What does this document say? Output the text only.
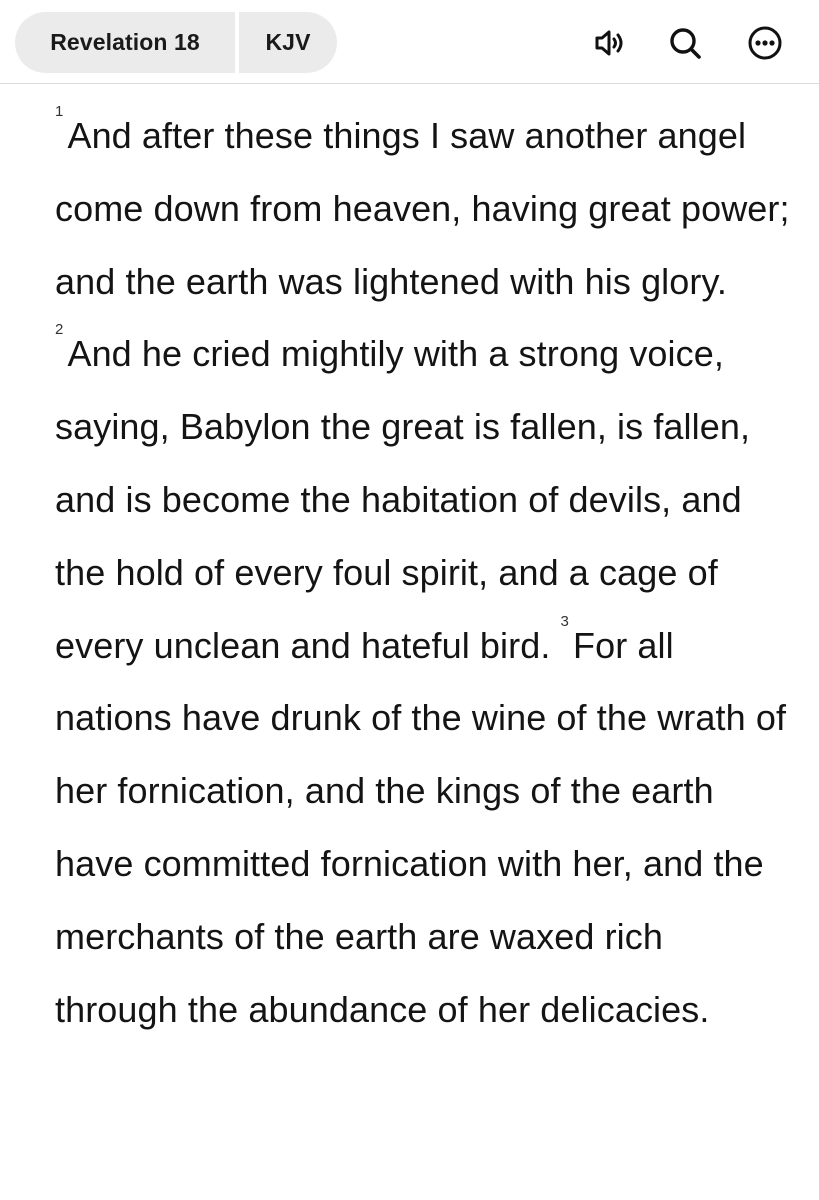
Revelation 18	KJV
$^1$And after these things I saw another angel come down from heaven, having great power; and the earth was lightened with his glory. $^2$And he cried mightily with a strong voice, saying, Babylon the great is fallen, is fallen, and is become the habitation of devils, and the hold of every foul spirit, and a cage of every unclean and hateful bird. $^3$For all nations have drunk of the wine of the wrath of her fornication, and the kings of the earth have committed fornication with her, and the merchants of the earth are waxed rich through the abundance of her delicacies.
